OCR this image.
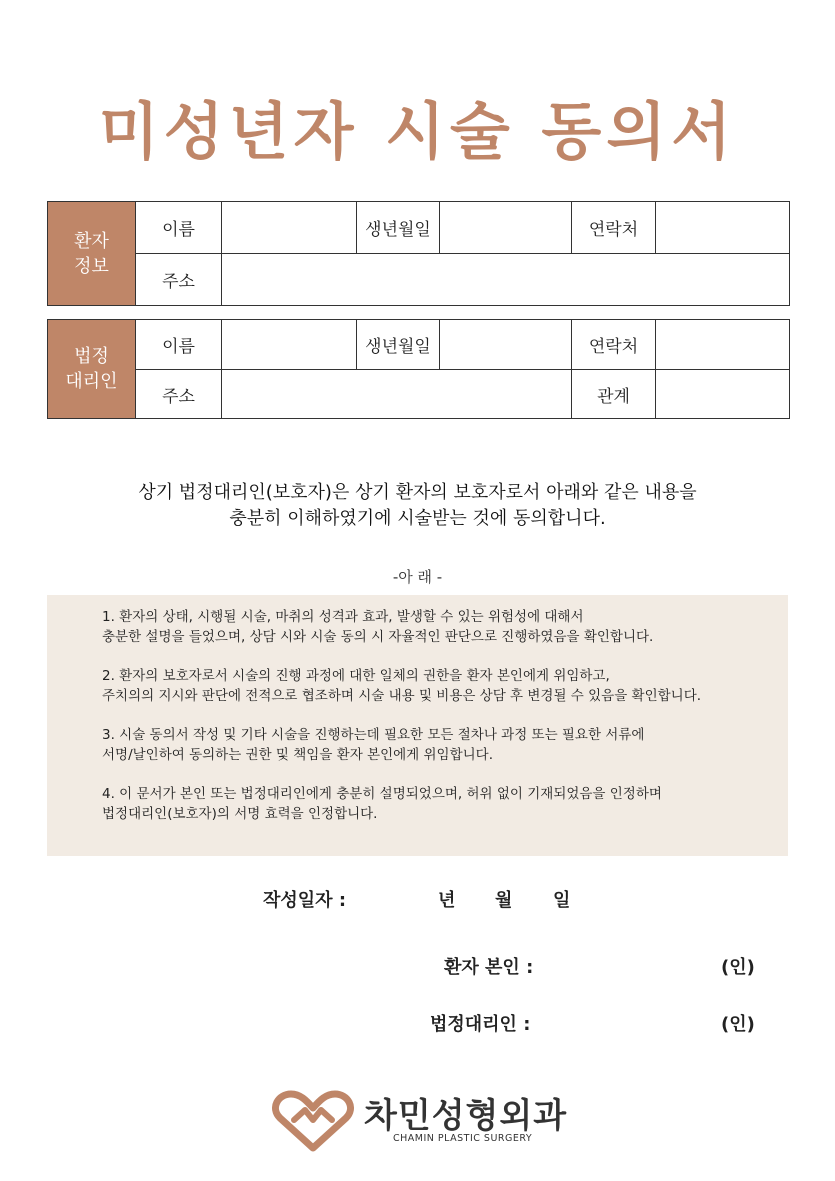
미성년자 시술 동의서
환자
정보	이름		생년월일		연락처	
	주소					
법정
대리인	이름		생년월일		연락처	
	주소				관계	
상기 법정대리인(보호자)은 상기 환자의 보호자로서 아래와 같은 내용을
충분히 이해하였기에 시술받는 것에 동의합니다.
-아 래 -

1. 환자의 상태, 시행될 시술, 마취의 성격과 효과, 발생할 수 있는 위험성에 대해서
충분한 설명을 들었으며, 상담 시와 시술 동의 시 자율적인 판단으로 진행하였음을 확인합니다.

2. 환자의 보호자로서 시술의 진행 과정에 대한 일체의 권한을 환자 본인에게 위임하고,
주치의의 지시와 판단에 전적으로 협조하며 시술 내용 및 비용은 상담 후 변경될 수 있음을 확인합니다.

3. 시술 동의서 작성 및 기타 시술을 진행하는데 필요한 모든 절차나 과정 또는 필요한 서류에
서명/날인하여 동의하는 권한 및 책임을 환자 본인에게 위임합니다.

4. 이 문서가 본인 또는 법정대리인에게 충분히 설명되었으며, 허위 없이 기재되었음을 인정하며
법정대리인(보호자)의 서명 효력을 인정합니다.

작성일자 :	년 월 일
환자 본인 :	(인)
법정대리인 :	(인)
차민성형외과
CHAMIN PLASTIC SURGERY
